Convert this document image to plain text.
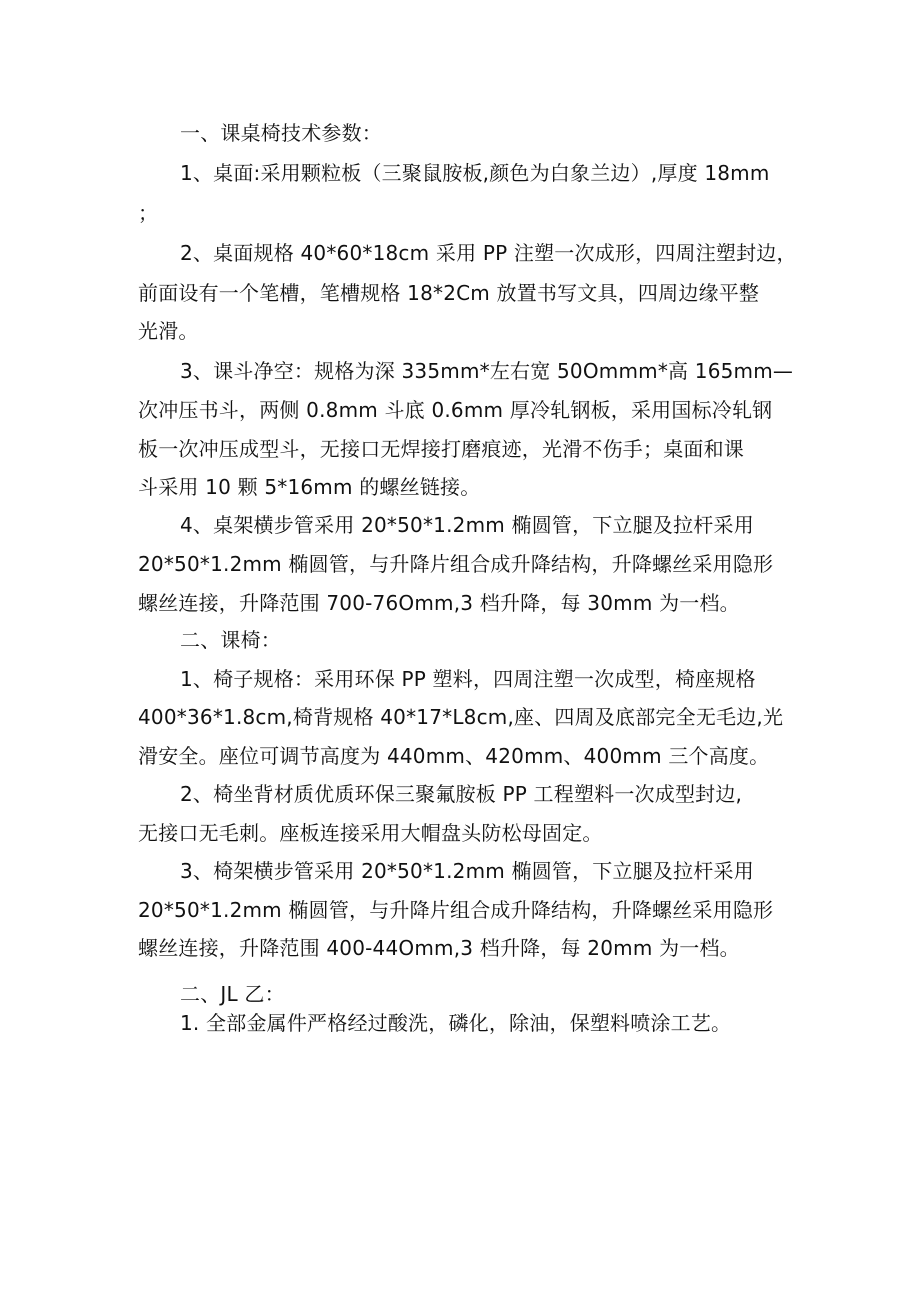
一、课桌椅技术参数：
1、桌面:采用颗粒板（三聚鼠胺板,颜色为白象兰边）,厚度 18mm
；
2、桌面规格 40*60*18cm 采用 PP 注塑一次成形，四周注塑封边，
前面设有一个笔槽，笔槽规格 18*2Cm 放置书写文具，四周边缘平整
光滑。
3、课斗净空：规格为深 335mm*左右宽 50Ommm*高 165mm—
次冲压书斗，两侧 0.8mm 斗底 0.6mm 厚冷轧钢板，采用国标冷轧钢
板一次冲压成型斗，无接口无焊接打磨痕迹，光滑不伤手；桌面和课
斗采用 10 颗 5*16mm 的螺丝链接。
4、桌架横步管采用 20*50*1.2mm 椭圆管，下立腿及拉杆采用
20*50*1.2mm 椭圆管，与升降片组合成升降结构，升降螺丝采用隐形
螺丝连接，升降范围 700-76Omm,3 档升降，每 30mm 为一档。
二、课椅：
1、椅子规格：采用环保 PP 塑料，四周注塑一次成型，椅座规格
400*36*1.8cm,椅背规格 40*17*L8cm,座、四周及底部完全无毛边,光
滑安全。座位可调节高度为 440mm、420mm、400mm 三个高度。
2、椅坐背材质优质环保三聚氟胺板 PP 工程塑料一次成型封边,
无接口无毛刺。座板连接采用大帽盘头防松母固定。
3、椅架横步管采用 20*50*1.2mm 椭圆管，下立腿及拉杆采用
20*50*1.2mm 椭圆管，与升降片组合成升降结构，升降螺丝采用隐形
螺丝连接，升降范围 400-44Omm,3 档升降，每 20mm 为一档。
二、JL 乙：
1. 全部金属件严格经过酸洗，磷化，除油，保塑料喷涂工艺。
